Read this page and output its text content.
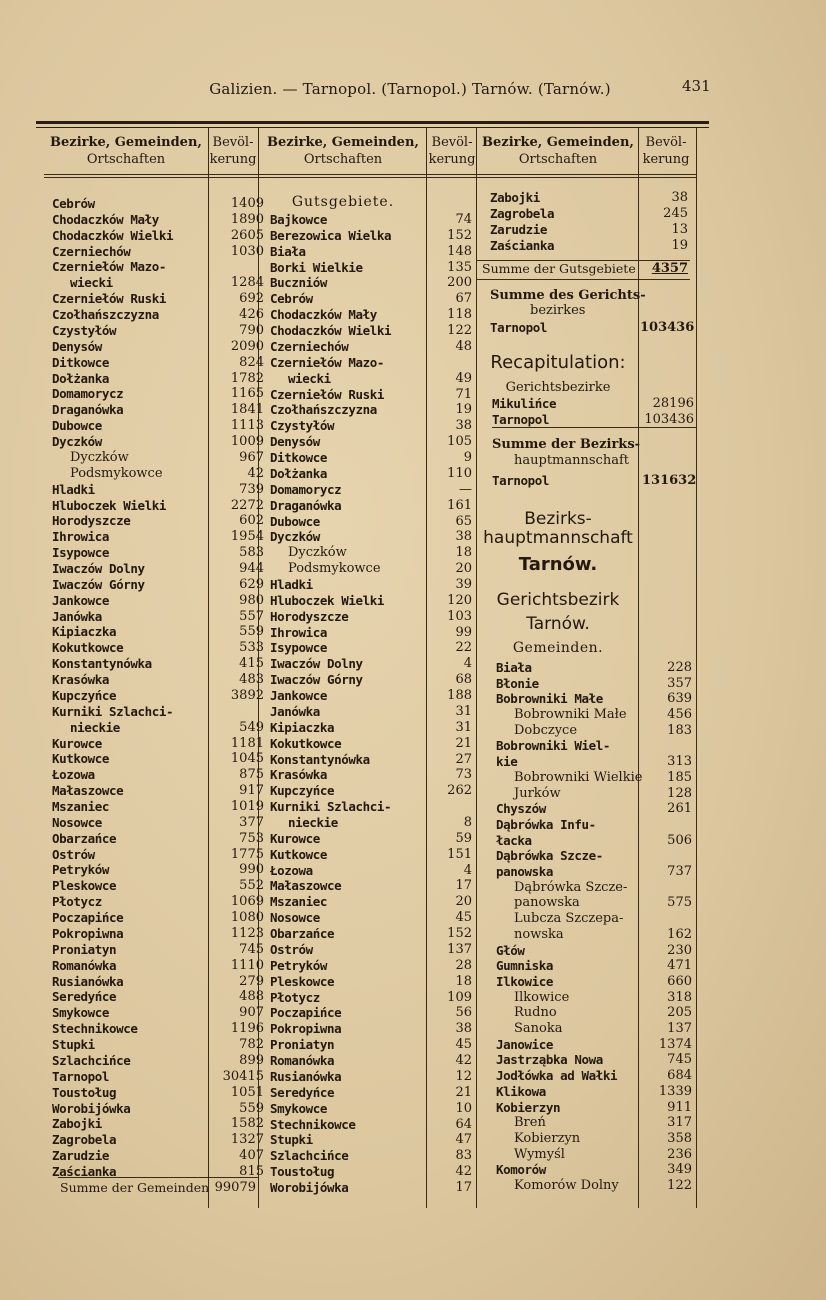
Galizien. — Tarnopol. (Tarnopol.) Tarnów. (Tarnów.)	431
Bezirke, Gemeinden,
Ortschaften
Bevöl-
kerung
Bezirke, Gemeinden,
Ortschaften
Bevöl-
kerung
Bezirke, Gemeinden,
Ortschaften
Bevöl-
kerung
Gutsgebiete.
Summe der Gutsgebiete	4357
Summe des Gerichts-
bezirkes
Tarnopol	103436
Recapitulation:
Gerichtsbezirke
Summe der Bezirks-
hauptmannschaft
Tarnopol	131632
Bezirks-
hauptmannschaft
Tarnów.
Gerichtsbezirk
Tarnów.
Gemeinden.
Summe der Gemeinden 99079
Cebrów	1409
Chodaczków Mały	1890
Chodaczków Wielki	2605
Czerniechów	1030
Czerniełów Mazo-
wiecki	1284
Czerniełów Ruski	692
Czołhańszczyzna	426
Czystyłów	790
Denysów	2090
Ditkowce	824
Dołżanka	1782
Domamorycz	1165
Draganówka	1841
Dubowce	1113
Dyczków	1009
Dyczków	967
Podsmykowce	42
Hladki	739
Hluboczek Wielki	2272
Horodyszcze	602
Ihrowica	1954
Isypowce	583
Iwaczów Dolny	944
Iwaczów Górny	629
Jankowce	980
Janówka	557
Kipiaczka	559
Kokutkowce	533
Konstantynówka	415
Krasówka	483
Kupczyńce	3892
Kurniki Szlachci-
nieckie	549
Kurowce	1181
Kutkowce	1045
Łozowa	875
Małaszowce	917
Mszaniec	1019
Nosowce	377
Obarzańce	753
Ostrów	1775
Petryków	990
Pleskowce	552
Płotycz	1069
Poczapińce	1080
Pokropiwna	1123
Proniatyn	745
Romanówka	1110
Rusianówka	279
Seredyńce	488
Smykowce	907
Stechnikowce	1196
Stupki	782
Szlachcińce	899
Tarnopol	30415
Toustoług	1051
Worobijówka	559
Zabojki	1582
Zagrobela	1327
Zarudzie	407
Zaścianka	815
Bajkowce	74
Berezowica Wielka	152
Biała	148
Borki Wielkie	135
Buczniów	200
Cebrów	67
Chodaczków Mały	118
Chodaczków Wielki	122
Czerniechów	48
Czerniełów Mazo-
wiecki	49
Czerniełów Ruski	71
Czołhańszczyzna	19
Czystyłów	38
Denysów	105
Ditkowce	9
Dołżanka	110
Domamorycz	—
Draganówka	161
Dubowce	65
Dyczków	38
Dyczków	18
Podsmykowce	20
Hladki	39
Hluboczek Wielki	120
Horodyszcze	103
Ihrowica	99
Isypowce	22
Iwaczów Dolny	4
Iwaczów Górny	68
Jankowce	188
Janówka	31
Kipiaczka	31
Kokutkowce	21
Konstantynówka	27
Krasówka	73
Kupczyńce	262
Kurniki Szlachci-
nieckie	8
Kurowce	59
Kutkowce	151
Łozowa	4
Małaszowce	17
Mszaniec	20
Nosowce	45
Obarzańce	152
Ostrów	137
Petryków	28
Pleskowce	18
Płotycz	109
Poczapińce	56
Pokropiwna	38
Proniatyn	45
Romanówka	42
Rusianówka	12
Seredyńce	21
Smykowce	10
Stechnikowce	64
Stupki	47
Szlachcińce	83
Toustoług	42
Worobijówka	17
Zabojki	38
Zagrobela	245
Zarudzie	13
Zaścianka	19
Mikulińce	28196
Tarnopol	103436
Biała	228
Błonie	357
Bobrowniki Małe	639
Bobrowniki Małe	456
Dobczyce	183
Bobrowniki Wiel-
kie	313
Bobrowniki Wielkie	185
Jurków	128
Chyszów	261
Dąbrówka Infu-
łacka	506
Dąbrówka Szcze-
panowska	737
Dąbrówka Szcze-
panowska	575
Lubcza Szczepa-
nowska	162
Głów	230
Gumniska	471
Ilkowice	660
Ilkowice	318
Rudno	205
Sanoka	137
Janowice	1374
Jastrząbka Nowa	745
Jodłówka ad Wałki	684
Klikowa	1339
Kobierzyn	911
Breń	317
Kobierzyn	358
Wymyśl	236
Komorów	349
Komorów Dolny	122
